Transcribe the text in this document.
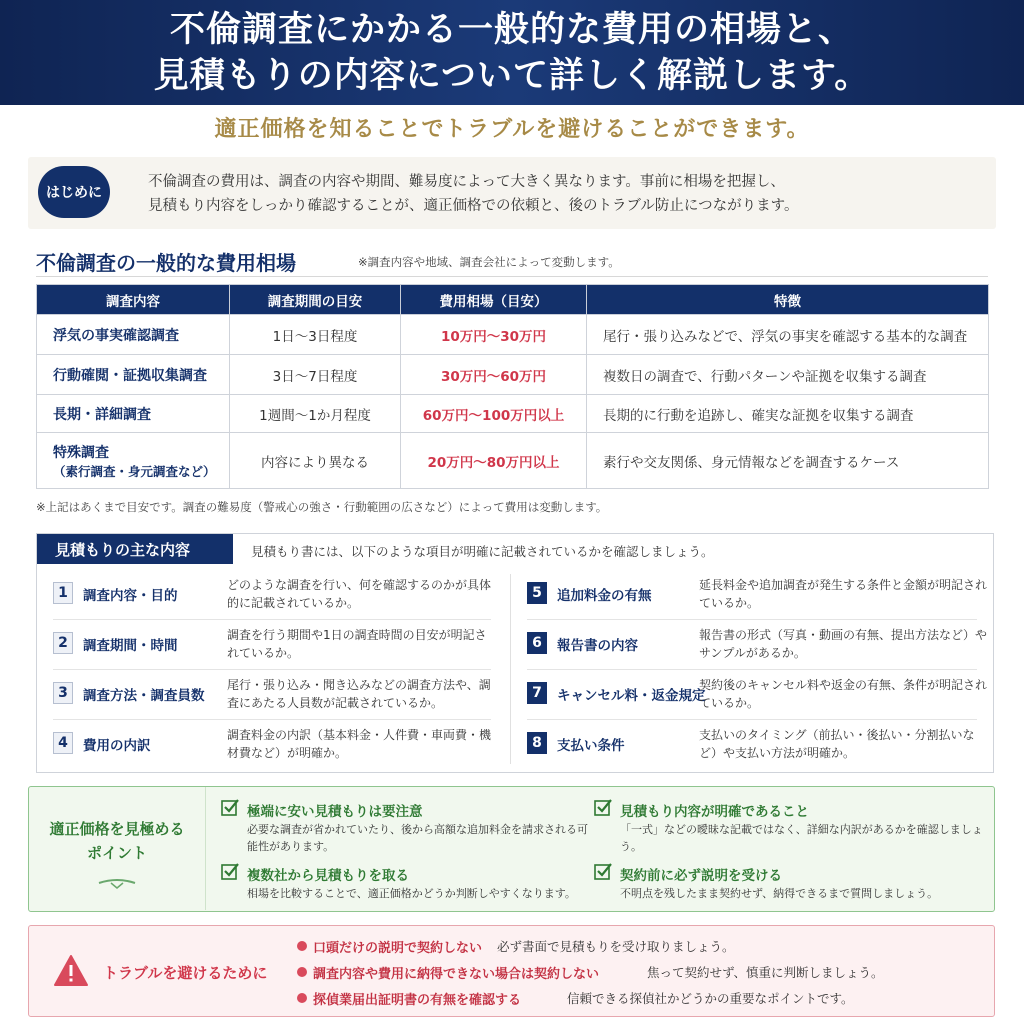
不倫調査にかかる一般的な費用の相場と、
見積もりの内容について詳しく解説します。
適正価格を知ることでトラブルを避けることができます。
はじめに
不倫調査の費用は、調査の内容や期間、難易度によって大きく異なります。事前に相場を把握し、
見積もり内容をしっかり確認することが、適正価格での依頼と、後のトラブル防止につながります。
不倫調査の一般的な費用相場	※調査内容や地域、調査会社によって変動します。
調査内容	調査期間の目安	費用相場（目安）	特徴
浮気の事実確認調査	1日〜3日程度	10万円〜30万円	尾行・張り込みなどで、浮気の事実を確認する基本的な調査
行動確閲・証拠収集調査	3日〜7日程度	30万円〜60万円	複数日の調査で、行動パターンや証拠を収集する調査
長期・詳細調査	1週間〜1か月程度	60万円〜100万円以上	長期的に行動を追跡し、確実な証拠を収集する調査
特殊調査
（素行調査・身元調査など）	内容により異なる	20万円〜80万円以上	素行や交友関係、身元情報などを調査するケース
※上記はあくまで目安です。調査の難易度（警戒心の強さ・行動範囲の広さなど）によって費用は変動します。
見積もりの主な内容	見積もり書には、以下のような項目が明確に記載されているかを確認しましょう。
1	調査内容・目的
どのような調査を行い、何を確認するのかが具体的に記載されているか。
2	調査期間・時間
調査を行う期間や1日の調査時間の目安が明記されているか。
3	調査方法・調査員数
尾行・張り込み・聞き込みなどの調査方法や、調査にあたる人員数が記載されているか。
4	費用の内訳
調査料金の内訳（基本料金・人件費・車両費・機材費など）が明確か。
5	追加料金の有無
延長料金や追加調査が発生する条件と金額が明記されているか。
6	報告書の内容
報告書の形式（写真・動画の有無、提出方法など）やサンプルがあるか。
7	キャンセル料・返金規定
契約後のキャンセル料や返金の有無、条件が明記されているか。
8	支払い条件
支払いのタイミング（前払い・後払い・分割払いなど）や支払い方法が明確か。
適正価格を見極める
ポイント
極端に安い見積もりは要注意
必要な調査が省かれていたり、後から高額な追加料金を請求される可能性があります。
見積もり内容が明確であること
「一式」などの曖昧な記載ではなく、詳細な内訳があるかを確認しましょう。
複数社から見積もりを取る
相場を比較することで、適正価格かどうか判断しやすくなります。
契約前に必ず説明を受ける
不明点を残したまま契約せず、納得できるまで質問しましょう。
トラブルを避けるために
口頭だけの説明で契約しない 必ず書面で見積もりを受け取りましょう。
調査内容や費用に納得できない場合は契約しない	焦って契約せず、慎重に判断しましょう。
探偵業届出証明書の有無を確認する	信頼できる探偵社かどうかの重要なポイントです。
